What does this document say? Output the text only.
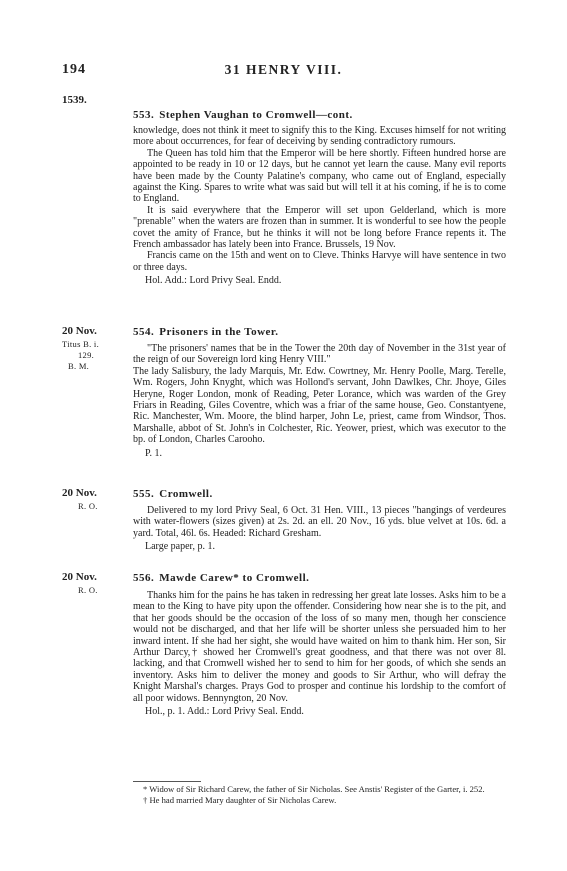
194	31 HENRY VIII.
1539.
553. Stephen Vaughan to Cromwell—cont.

knowledge, does not think it meet to signify this to the King. Excuses himself for not writing more about occurrences, for fear of deceiving by sending contradictory rumours.

The Queen has told him that the Emperor will be here shortly. Fifteen hundred horse are appointed to be ready in 10 or 12 days, but he cannot yet learn the cause. Many evil reports have been made by the County Palatine's company, who came out of England, especially against the King. Spares to write what was said but will tell it at his coming, if he is to come to England.

It is said everywhere that the Emperor will set upon Gelderland, which is more "prenable" when the waters are frozen than in summer. It is wonderful to see how the people covet the amity of France, but he thinks it will not be long before France repents it. The French ambassador has lately been into France. Brussels, 19 Nov.

Francis came on the 15th and went on to Cleve. Thinks Harvye will have sentence in two or three days.

Hol. Add.: Lord Privy Seal. Endd.

20 Nov.
Titus B. i.
129.
B. M.
554. Prisoners in the Tower.

"The prisoners' names that be in the Tower the 20th day of November in the 31st year of the reign of our Sovereign lord king Henry VIII."

The lady Salisbury, the lady Marquis, Mr. Edw. Cowrtney, Mr. Henry Poolle, Marg. Terelle, Wm. Rogers, John Knyght, which was Hollond's servant, John Dawlkes, Chr. Jhoye, Giles Heryne, Roger London, monk of Reading, Peter Lorance, which was warden of the Grey Friars in Reading, Giles Coventre, which was a friar of the same house, Geo. Constantyene, Ric. Manchester, Wm. Moore, the blind harper, John Le, priest, came from Windsor, Thos. Marshalle, abbot of St. John's in Colchester, Ric. Yeower, priest, which was executor to the bp. of London, Charles Carooho.

P. 1.

20 Nov.
R. O.
555. Cromwell.

Delivered to my lord Privy Seal, 6 Oct. 31 Hen. VIII., 13 pieces "hangings of verdeures with water-flowers (sizes given) at 2s. 2d. an ell. 20 Nov., 16 yds. blue velvet at 10s. 6d. a yard. Total, 46l. 6s. Headed: Richard Gresham.

Large paper, p. 1.

20 Nov.
R. O.
556. Mawde Carew* to Cromwell.

Thanks him for the pains he has taken in redressing her great late losses. Asks him to be a mean to the King to have pity upon the offender. Considering how near she is to the pit, and that her goods should be the occasion of the loss of so many men, though her conscience would not be discharged, and that her life will be shorter unless she persuaded him to her inward intent. If she had her sight, she would have waited on him to thank him. Her son, Sir Arthur Darcy,† showed her Cromwell's great goodness, and that there was not over 8l. lacking, and that Cromwell wished her to send to him for her goods, of which she sends an inventory. Asks him to deliver the money and goods to Sir Arthur, who will defray the Knight Marshal's charges. Prays God to prosper and continue his lordship to the comfort of all poor widows. Bennyngton, 20 Nov.

Hol., p. 1. Add.: Lord Privy Seal. Endd.

* Widow of Sir Richard Carew, the father of Sir Nicholas. See Anstis' Register of the Garter, i. 252.

† He had married Mary daughter of Sir Nicholas Carew.
